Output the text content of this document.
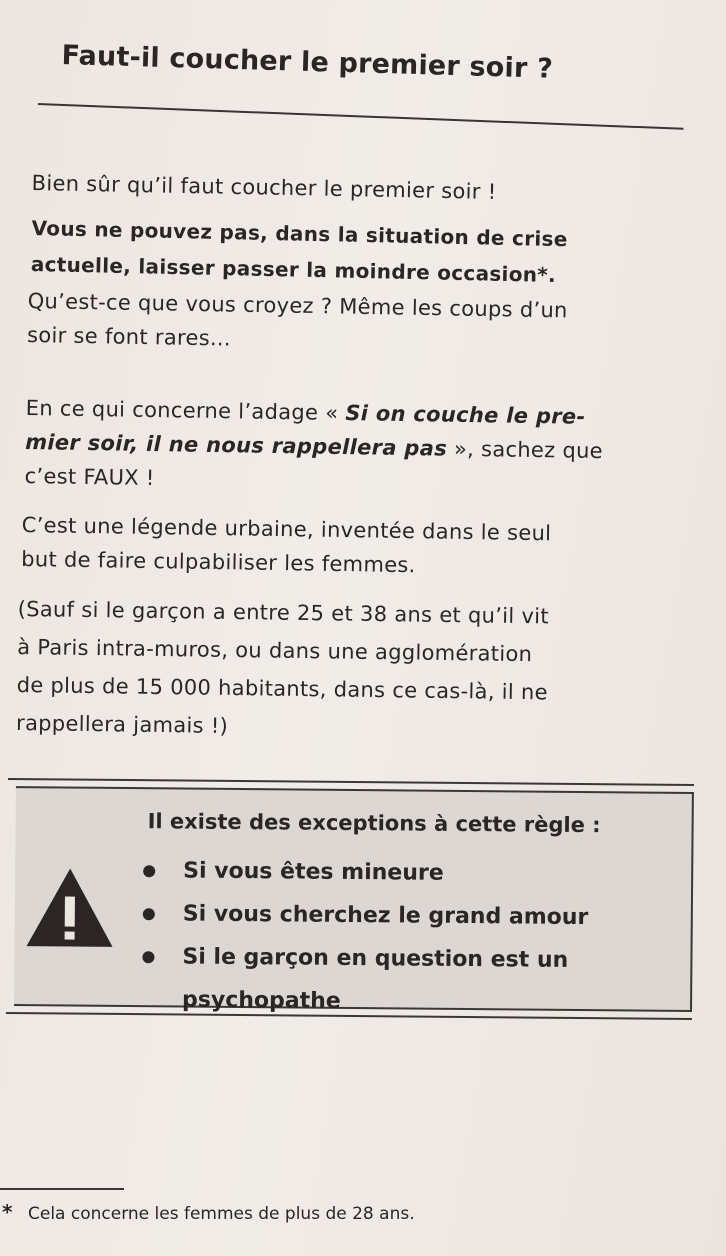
Faut-il coucher le premier soir ?
Bien sûr qu’il faut coucher le premier soir !
Vous ne pouvez pas, dans la situation de crise
actuelle, laisser passer la moindre occasion*.
Qu’est-ce que vous croyez ? Même les coups d’un
soir se font rares...
En ce qui concerne l’adage « Si on couche le pre-
mier soir, il ne nous rappellera pas », sachez que
c’est FAUX !
C’est une légende urbaine, inventée dans le seul
but de faire culpabiliser les femmes.
(Sauf si le garçon a entre 25 et 38 ans et qu’il vit
à Paris intra-muros, ou dans une agglomération
de plus de 15 000 habitants, dans ce cas-là, il ne
rappellera jamais !)
Il existe des exceptions à cette règle :
Si vous êtes mineure
Si vous cherchez le grand amour
Si le garçon en question est un
psychopathe
* Cela concerne les femmes de plus de 28 ans.
